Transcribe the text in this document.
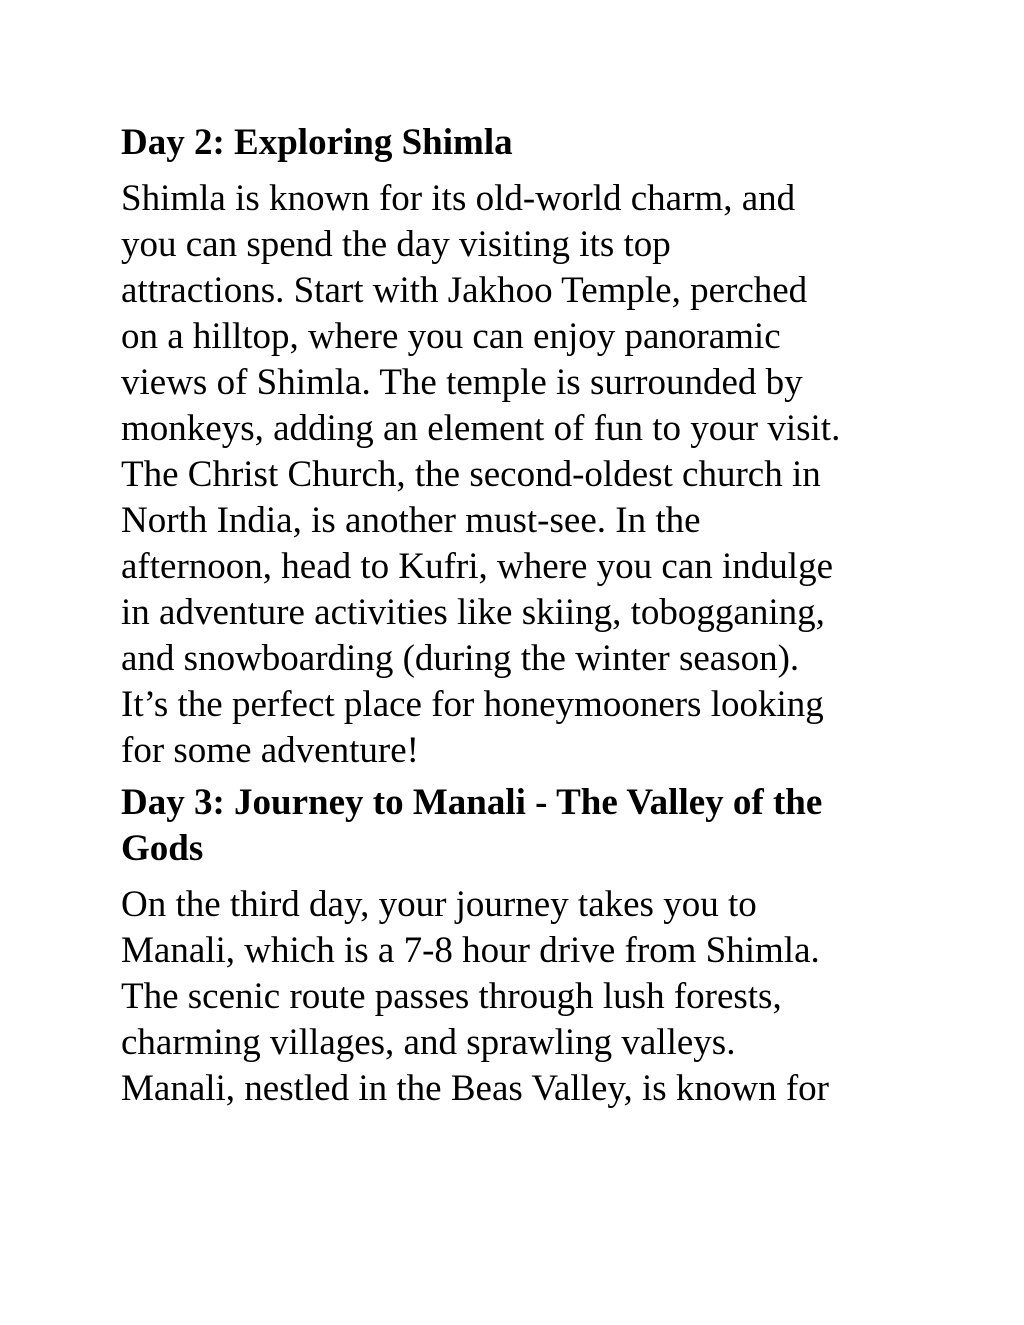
Day 2: Exploring Shimla
Shimla is known for its old-world charm, and
you can spend the day visiting its top
attractions. Start with Jakhoo Temple, perched
on a hilltop, where you can enjoy panoramic
views of Shimla. The temple is surrounded by
monkeys, adding an element of fun to your visit.
The Christ Church, the second-oldest church in
North India, is another must-see. In the
afternoon, head to Kufri, where you can indulge
in adventure activities like skiing, tobogganing,
and snowboarding (during the winter season).
It’s the perfect place for honeymooners looking
for some adventure!
Day 3: Journey to Manali - The Valley of the
Gods
On the third day, your journey takes you to
Manali, which is a 7-8 hour drive from Shimla.
The scenic route passes through lush forests,
charming villages, and sprawling valleys.
Manali, nestled in the Beas Valley, is known for
